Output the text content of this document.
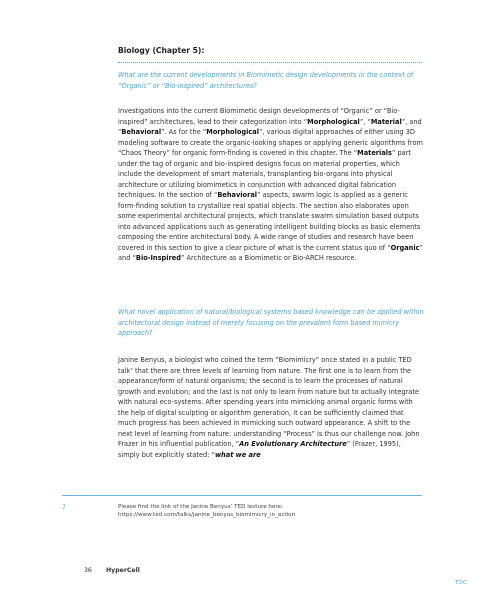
Biology (Chapter 5):

What are the current developments in Biomimetic design developments in the context of “Organic” or “Bio-inspired” architectures?

Investigations into the current Biomimetic design developments of “Organic” or “Bio-inspired” architectures, lead to their categorization into “Morphological”, “Material”, and “Behavioral”. As for the “Morphological”, various digital approaches of either using 3D modeling software to create the organic-looking shapes or applying generic algorithms from “Chaos Theory” for organic form-finding is covered in this chapter. The “Materials” part under the tag of organic and bio-inspired designs focus on material properties, which include the development of smart materials, transplanting bio-organs into physical architecture or utilizing biomimetics in conjunction with advanced digital fabrication techniques. In the section of “Behavioral” aspects, swarm logic is applied as a generic form-finding solution to crystallize real spatial objects. The section also elaborates upon some experimental architectural projects, which translate swarm simulation based outputs into advanced applications such as generating intelligent building blocks as basic elements composing the entire architectural body. A wide range of studies and research have been covered in this section to give a clear picture of what is the current status quo of “Organic” and “Bio-Inspired” Architecture as a Biomimetic or Bio-ARCH resource.

What novel application of natural/biological systems based knowledge can be applied within architectural design instead of merely focusing on the prevalent form based mimicry approach?

Janine Benyus, a biologist who coined the term “Biomimicry” once stated in a public TED talk⁷ that there are three levels of learning from nature. The first one is to learn from the appearance/form of natural organisms; the second is to learn the processes of natural growth and evolution; and the last is not only to learn from nature but to actually integrate with natural eco-systems. After spending years into mimicking animal organic forms with the help of digital sculpting or algorithm generation, it can be sufficiently claimed that much progress has been achieved in mimicking such outward appearance. A shift to the next level of learning from nature: understanding “Process” is thus our challenge now. John Frazer in his influential publication, “An Evolutionary Architecture” (Frazer, 1995), simply but explicitly stated: “what we are

7	Please find the link of the Janine Benyus’ TED lecture here: https://www.ted.com/talks/janine_benyus_biomimicry_in_action
36 HyperCell
TOC
